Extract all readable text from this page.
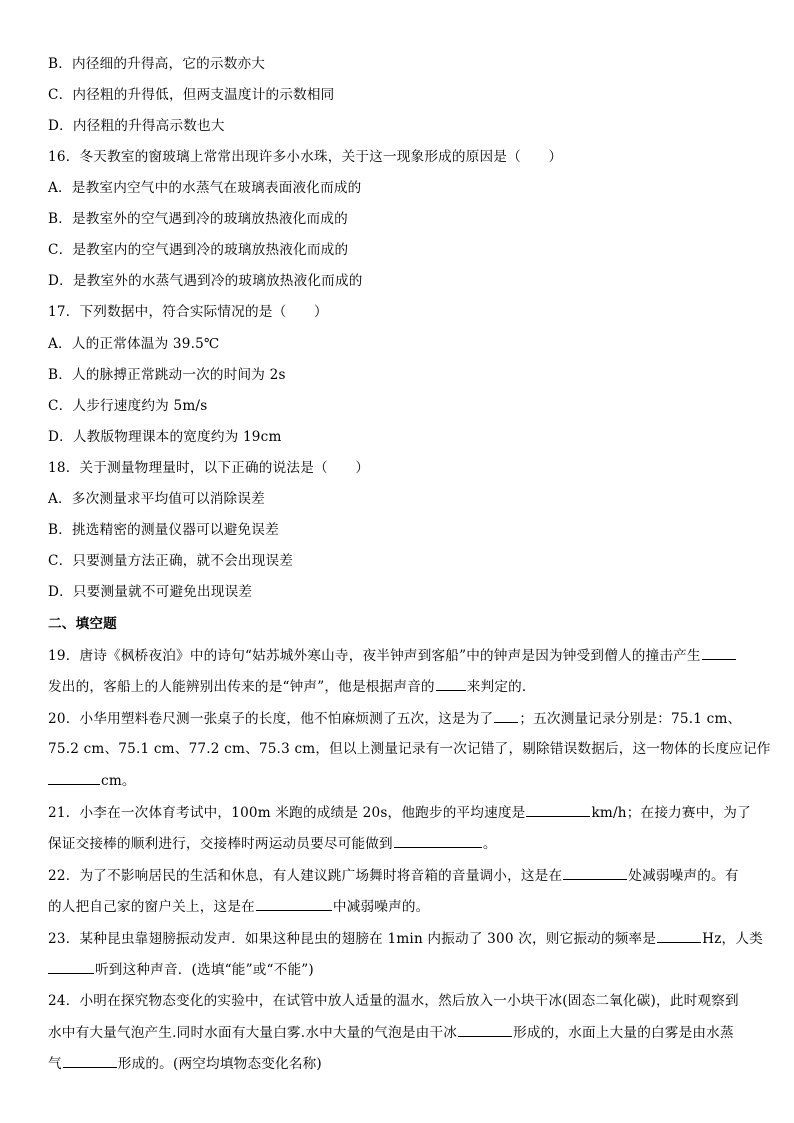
B．内径细的升得高，它的示数亦大
C．内径粗的升得低，但两支温度计的示数相同
D．内径粗的升得高示数也大
16．冬天教室的窗玻璃上常常出现许多小水珠，关于这一现象形成的原因是（　　）
A．是教室内空气中的水蒸气在玻璃表面液化而成的
B．是教室外的空气遇到冷的玻璃放热液化而成的
C．是教室内的空气遇到冷的玻璃放热液化而成的
D．是教室外的水蒸气遇到冷的玻璃放热液化而成的
17．下列数据中，符合实际情况的是（　　）
A．人的正常体温为 39.5℃
B．人的脉搏正常跳动一次的时间为 2s
C．人步行速度约为 5m/s
D．人教版物理课本的宽度约为 19cm
18．关于测量物理量时，以下正确的说法是（　　）
A．多次测量求平均值可以消除误差
B．挑选精密的测量仪器可以避免误差
C．只要测量方法正确，就不会出现误差
D．只要测量就不可避免出现误差
二、填空题
19．唐诗《枫桥夜泊》中的诗句“姑苏城外寒山寺，夜半钟声到客船”中的钟声是因为钟受到僧人的撞击产生
发出的，客船上的人能辨别出传来的是“钟声”，他是根据声音的 来判定的．
20．小华用塑料卷尺测一张桌子的长度，他不怕麻烦测了五次，这是为了 ；五次测量记录分别是：75.1 cm、
75.2 cm、75.1 cm、77.2 cm、75.3 cm，但以上测量记录有一次记错了，剔除错误数据后，这一物体的长度应记作
cm。
21．小李在一次体育考试中，100m 米跑的成绩是 20s，他跑步的平均速度是	km/h；在接力赛中，为了
保证交接棒的顺利进行，交接棒时两运动员要尽可能做到	。
22．为了不影响居民的生活和休息，有人建议跳广场舞时将音箱的音量调小，这是在	处减弱噪声的。有
的人把自己家的窗户关上，这是在	中减弱噪声的。
23．某种昆虫靠翅膀振动发声．如果这种昆虫的翅膀在 1min 内振动了 300 次，则它振动的频率是	Hz，人类
听到这种声音．(选填“能”或“不能”)
24．小明在探究物态变化的实验中，在试管中放人适量的温水，然后放入一小块干冰(固态二氧化碳)，此时观察到
水中有大量气泡产生.同时水面有大量白雾.水中大量的气泡是由干冰	形成的，水面上大量的白雾是由水蒸
气	形成的。(两空均填物态变化名称)
